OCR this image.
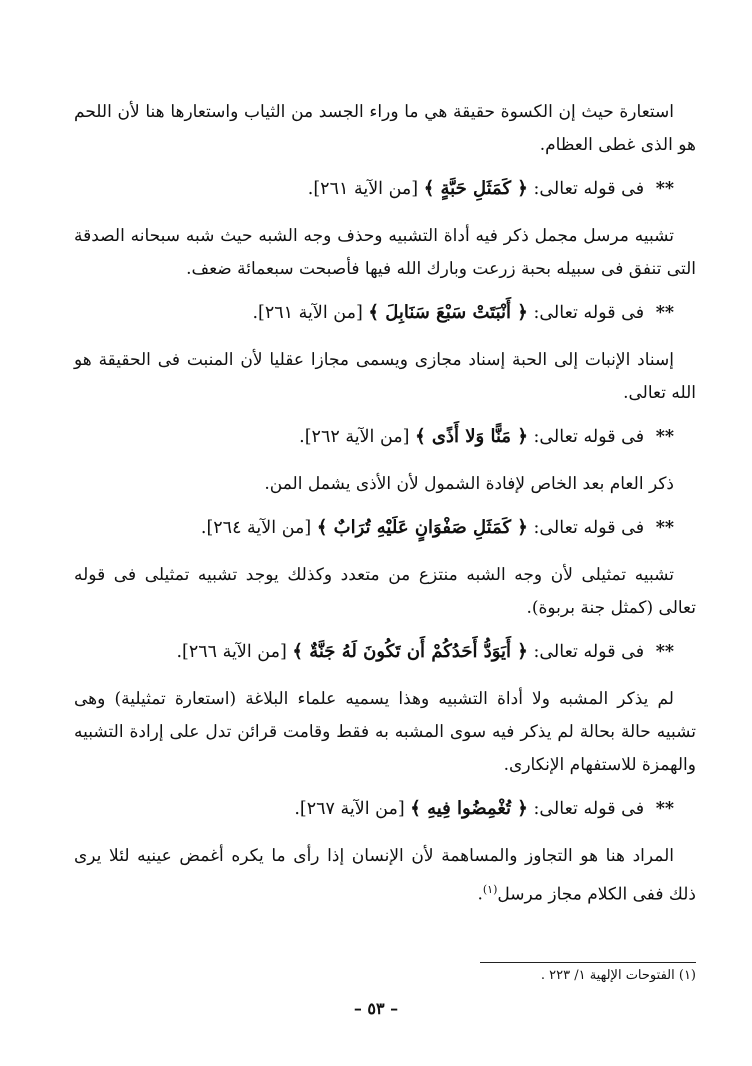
استعارة حيث إن الكسوة حقيقة هي ما وراء الجسد من الثياب واستعارها هنا لأن اللحم هو الذى غطى العظام.

** فى قوله تعالى: ﴿ كَمَثَلِ حَبَّةٍ ﴾ [من الآية ٢٦١].

تشبيه مرسل مجمل ذكر فيه أداة التشبيه وحذف وجه الشبه حيث شبه سبحانه الصدقة التى تنفق فى سبيله بحبة زرعت وبارك الله فيها فأصبحت سبعمائة ضعف.

** فى قوله تعالى: ﴿ أَنْبَتَتْ سَبْعَ سَنَابِلَ ﴾ [من الآية ٢٦١].

إسناد الإنبات إلى الحبة إسناد مجازى ويسمى مجازا عقليا لأن المنبت فى الحقيقة هو الله تعالى.

** فى قوله تعالى: ﴿ مَنًّا وَلا أَذًى ﴾ [من الآية ٢٦٢].

ذكر العام بعد الخاص لإفادة الشمول لأن الأذى يشمل المن.

** فى قوله تعالى: ﴿ كَمَثَلِ صَفْوَانٍ عَلَيْهِ تُرَابٌ ﴾ [من الآية ٢٦٤].

تشبيه تمثيلى لأن وجه الشبه منتزع من متعدد وكذلك يوجد تشبيه تمثيلى فى قوله تعالى (كمثل جنة بربوة).

** فى قوله تعالى: ﴿ أَيَوَدُّ أَحَدُكُمْ أَن تَكُونَ لَهُ جَنَّةٌ ﴾ [من الآية ٢٦٦].

لم يذكر المشبه ولا أداة التشبيه وهذا يسميه علماء البلاغة (استعارة تمثيلية) وهى تشبيه حالة بحالة لم يذكر فيه سوى المشبه به فقط وقامت قرائن تدل على إرادة التشبيه والهمزة للاستفهام الإنكارى.

** فى قوله تعالى: ﴿ تُغْمِضُوا فِيهِ ﴾ [من الآية ٢٦٧].

المراد هنا هو التجاوز والمساهمة لأن الإنسان إذا رأى ما يكره أغمض عينيه لئلا يرى ذلك ففى الكلام مجاز مرسل$^{(١)}$.

(١) الفتوحات الإلهية ١/ ٢٢٣ .
– ٥٣ –
